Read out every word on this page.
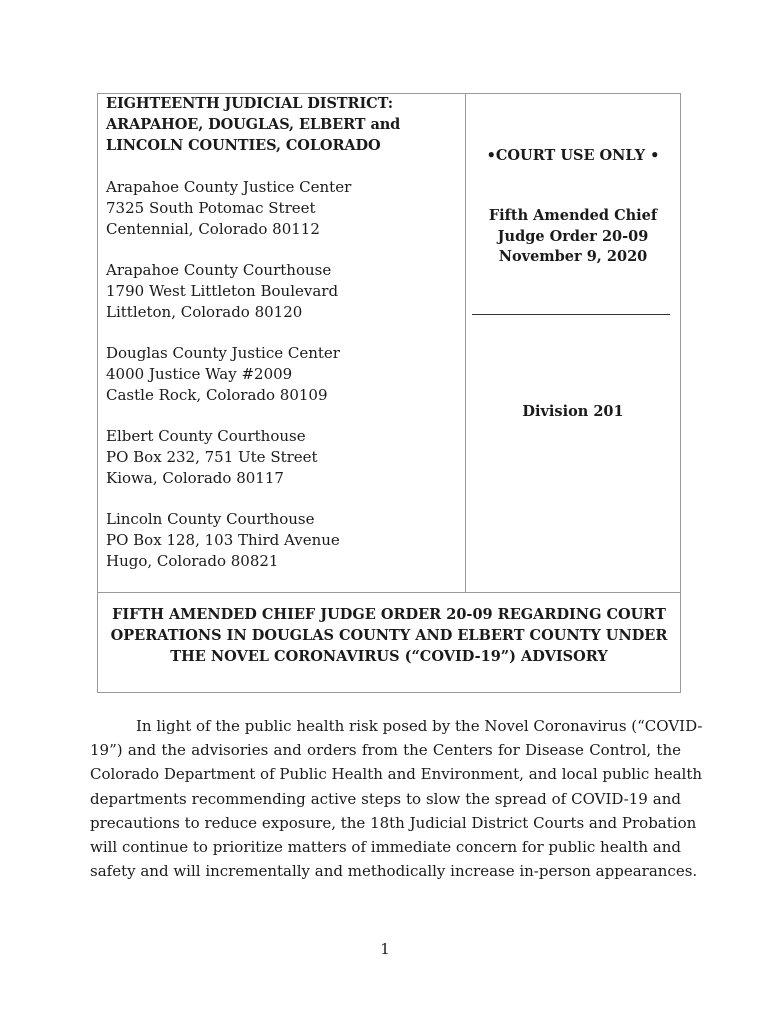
EIGHTEENTH JUDICIAL DISTRICT:
ARAPAHOE, DOUGLAS, ELBERT and
LINCOLN COUNTIES, COLORADO
Arapahoe County Justice Center
7325 South Potomac Street
Centennial, Colorado 80112
Arapahoe County Courthouse
1790 West Littleton Boulevard
Littleton, Colorado 80120
Douglas County Justice Center
4000 Justice Way #2009
Castle Rock, Colorado 80109
Elbert County Courthouse
PO Box 232, 751 Ute Street
Kiowa, Colorado 80117
Lincoln County Courthouse
PO Box 128, 103 Third Avenue
Hugo, Colorado 80821
•COURT USE ONLY •
Fifth Amended Chief
Judge Order 20-09
November 9, 2020
Division 201
FIFTH AMENDED CHIEF JUDGE ORDER 20-09 REGARDING COURT
OPERATIONS IN DOUGLAS COUNTY AND ELBERT COUNTY UNDER
THE NOVEL CORONAVIRUS (“COVID-19”) ADVISORY
In light of the public health risk posed by the Novel Coronavirus (“COVID-
19”) and the advisories and orders from the Centers for Disease Control, the
Colorado Department of Public Health and Environment, and local public health
departments recommending active steps to slow the spread of COVID-19 and
precautions to reduce exposure, the 18th Judicial District Courts and Probation
will continue to prioritize matters of immediate concern for public health and
safety and will incrementally and methodically increase in-person appearances.
1
